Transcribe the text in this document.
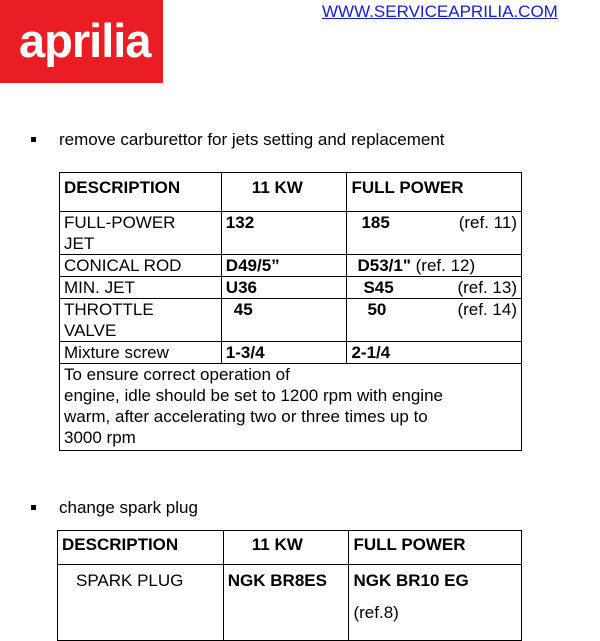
aprilia
WWW.SERVICEAPRILIA.COM
remove carburettor for jets setting and replacement
DESCRIPTION	11 KW	FULL POWER
FULL-POWER
JET	132	185 (ref. 11)

CONICAL ROD	D49/5”	D53/1" (ref. 12)
MIN. JET	U36	S45 (ref. 13)

THROTTLE
VALVE	45	50 (ref. 14)

Mixture screw	1-3/4	2-1/4

To ensure correct operation of
engine, idle should be set to 1200 rpm with engine
warm, after accelerating two or three times up to
3000 rpm		
change spark plug
DESCRIPTION	11 KW	FULL POWER
SPARK PLUG	NGK BR8ES	NGK BR10 EG
(ref.8)
